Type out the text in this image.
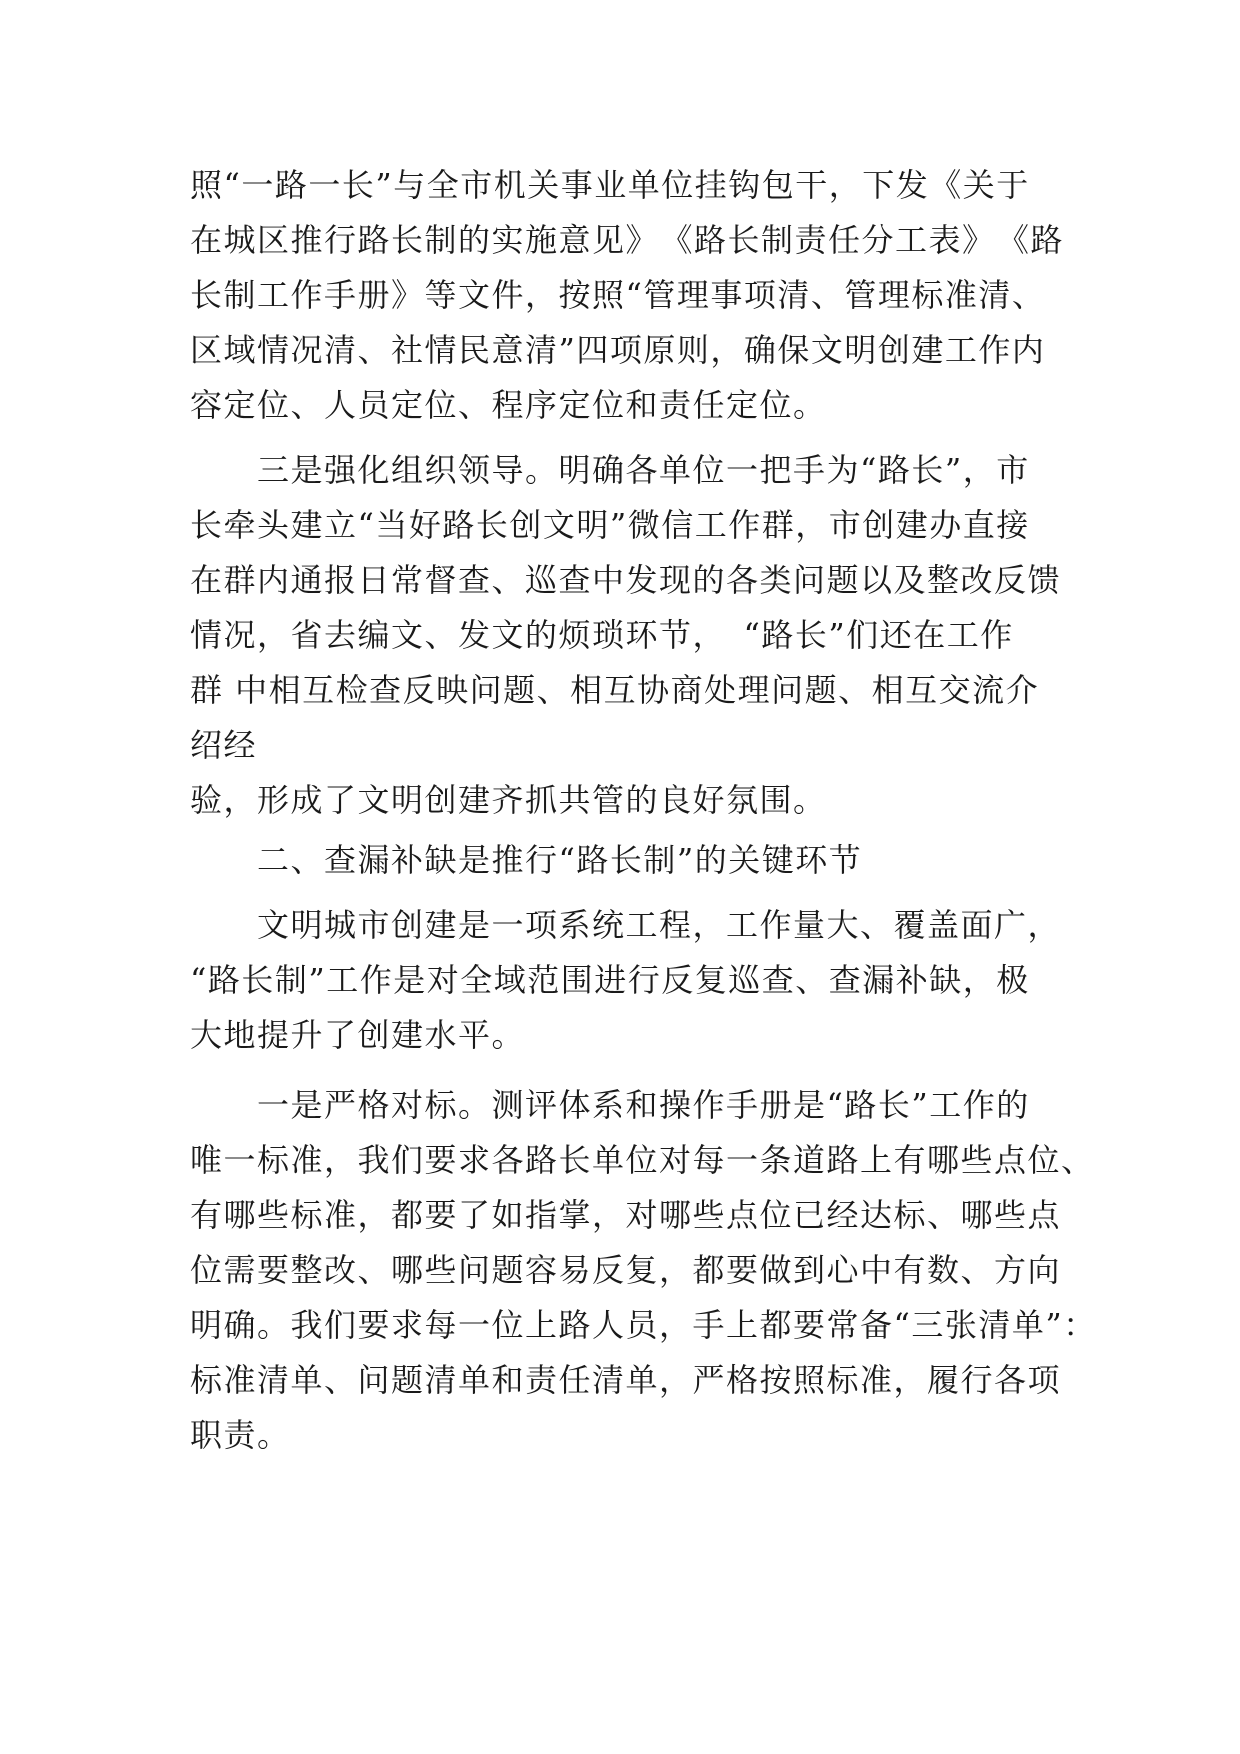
照“一路一长”与全市机关事业单位挂钩包干，下发《关于
在城区推行路长制的实施意见》　《路长制责任分工表》　《路
长制工作手册》等文件，按照“管理事项清、管理标准清、
区域情况清、社情民意清”四项原则，确保文明创建工作内
容定位、人员定位、程序定位和责任定位。
　　三是强化组织领导。明确各单位一把手为“路长”，市
长牵头建立“当好路长创文明”微信工作群，市创建办直接
在群内通报日常督查、巡查中发现的各类问题以及整改反馈
情况，省去编文、发文的烦琐环节，　“路长”们还在工作
群 中相互检查反映问题、相互协商处理问题、相互交流介
绍经
验，形成了文明创建齐抓共管的良好氛围。
　　二、查漏补缺是推行“路长制”的关键环节
　　文明城市创建是一项系统工程，工作量大、覆盖面广，
“路长制”工作是对全域范围进行反复巡查、查漏补缺，极
大地提升了创建水平。
　　一是严格对标。测评体系和操作手册是“路长”工作的
唯一标准，我们要求各路长单位对每一条道路上有哪些点位、
有哪些标准，都要了如指掌，对哪些点位已经达标、哪些点
位需要整改、哪些问题容易反复，都要做到心中有数、方向
明确。我们要求每一位上路人员，手上都要常备“三张清单”：
标准清单、问题清单和责任清单，严格按照标准，履行各项
职责。
